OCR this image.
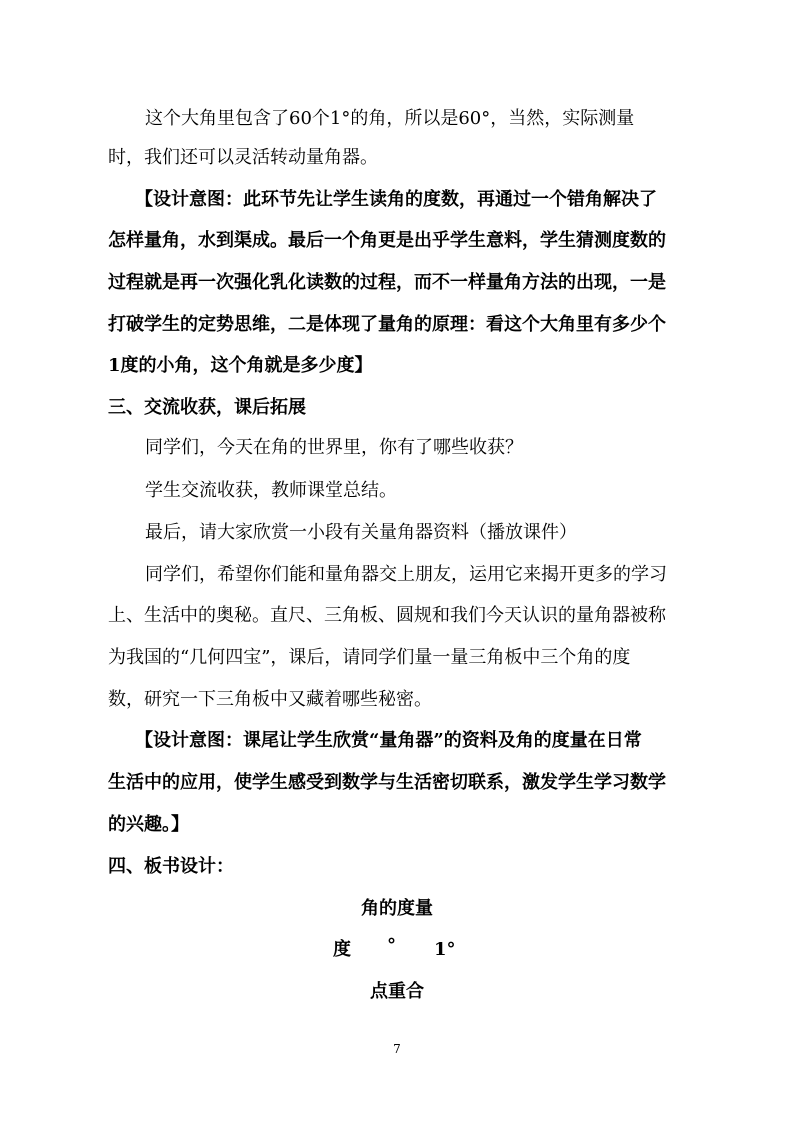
这个大角里包含了60个1°的角，所以是60°，当然，实际测量
时，我们还可以灵活转动量角器。
【设计意图：此环节先让学生读角的度数，再通过一个错角解决了
怎样量角，水到渠成。最后一个角更是出乎学生意料，学生猜测度数的
过程就是再一次强化乳化读数的过程，而不一样量角方法的出现，一是
打破学生的定势思维，二是体现了量角的原理：看这个大角里有多少个
1度的小角，这个角就是多少度】
三、交流收获，课后拓展
同学们，今天在角的世界里，你有了哪些收获？
学生交流收获，教师课堂总结。
最后，请大家欣赏一小段有关量角器资料（播放课件）
同学们，希望你们能和量角器交上朋友，运用它来揭开更多的学习
上、生活中的奥秘。直尺、三角板、圆规和我们今天认识的量角器被称
为我国的“几何四宝”，课后，请同学们量一量三角板中三个角的度
数，研究一下三角板中又藏着哪些秘密。
【设计意图：课尾让学生欣赏“量角器”的资料及角的度量在日常
生活中的应用，使学生感受到数学与生活密切联系，激发学生学习数学
的兴趣。】
四、板书设计：
角的度量
度 ° 1°
点重合
7
